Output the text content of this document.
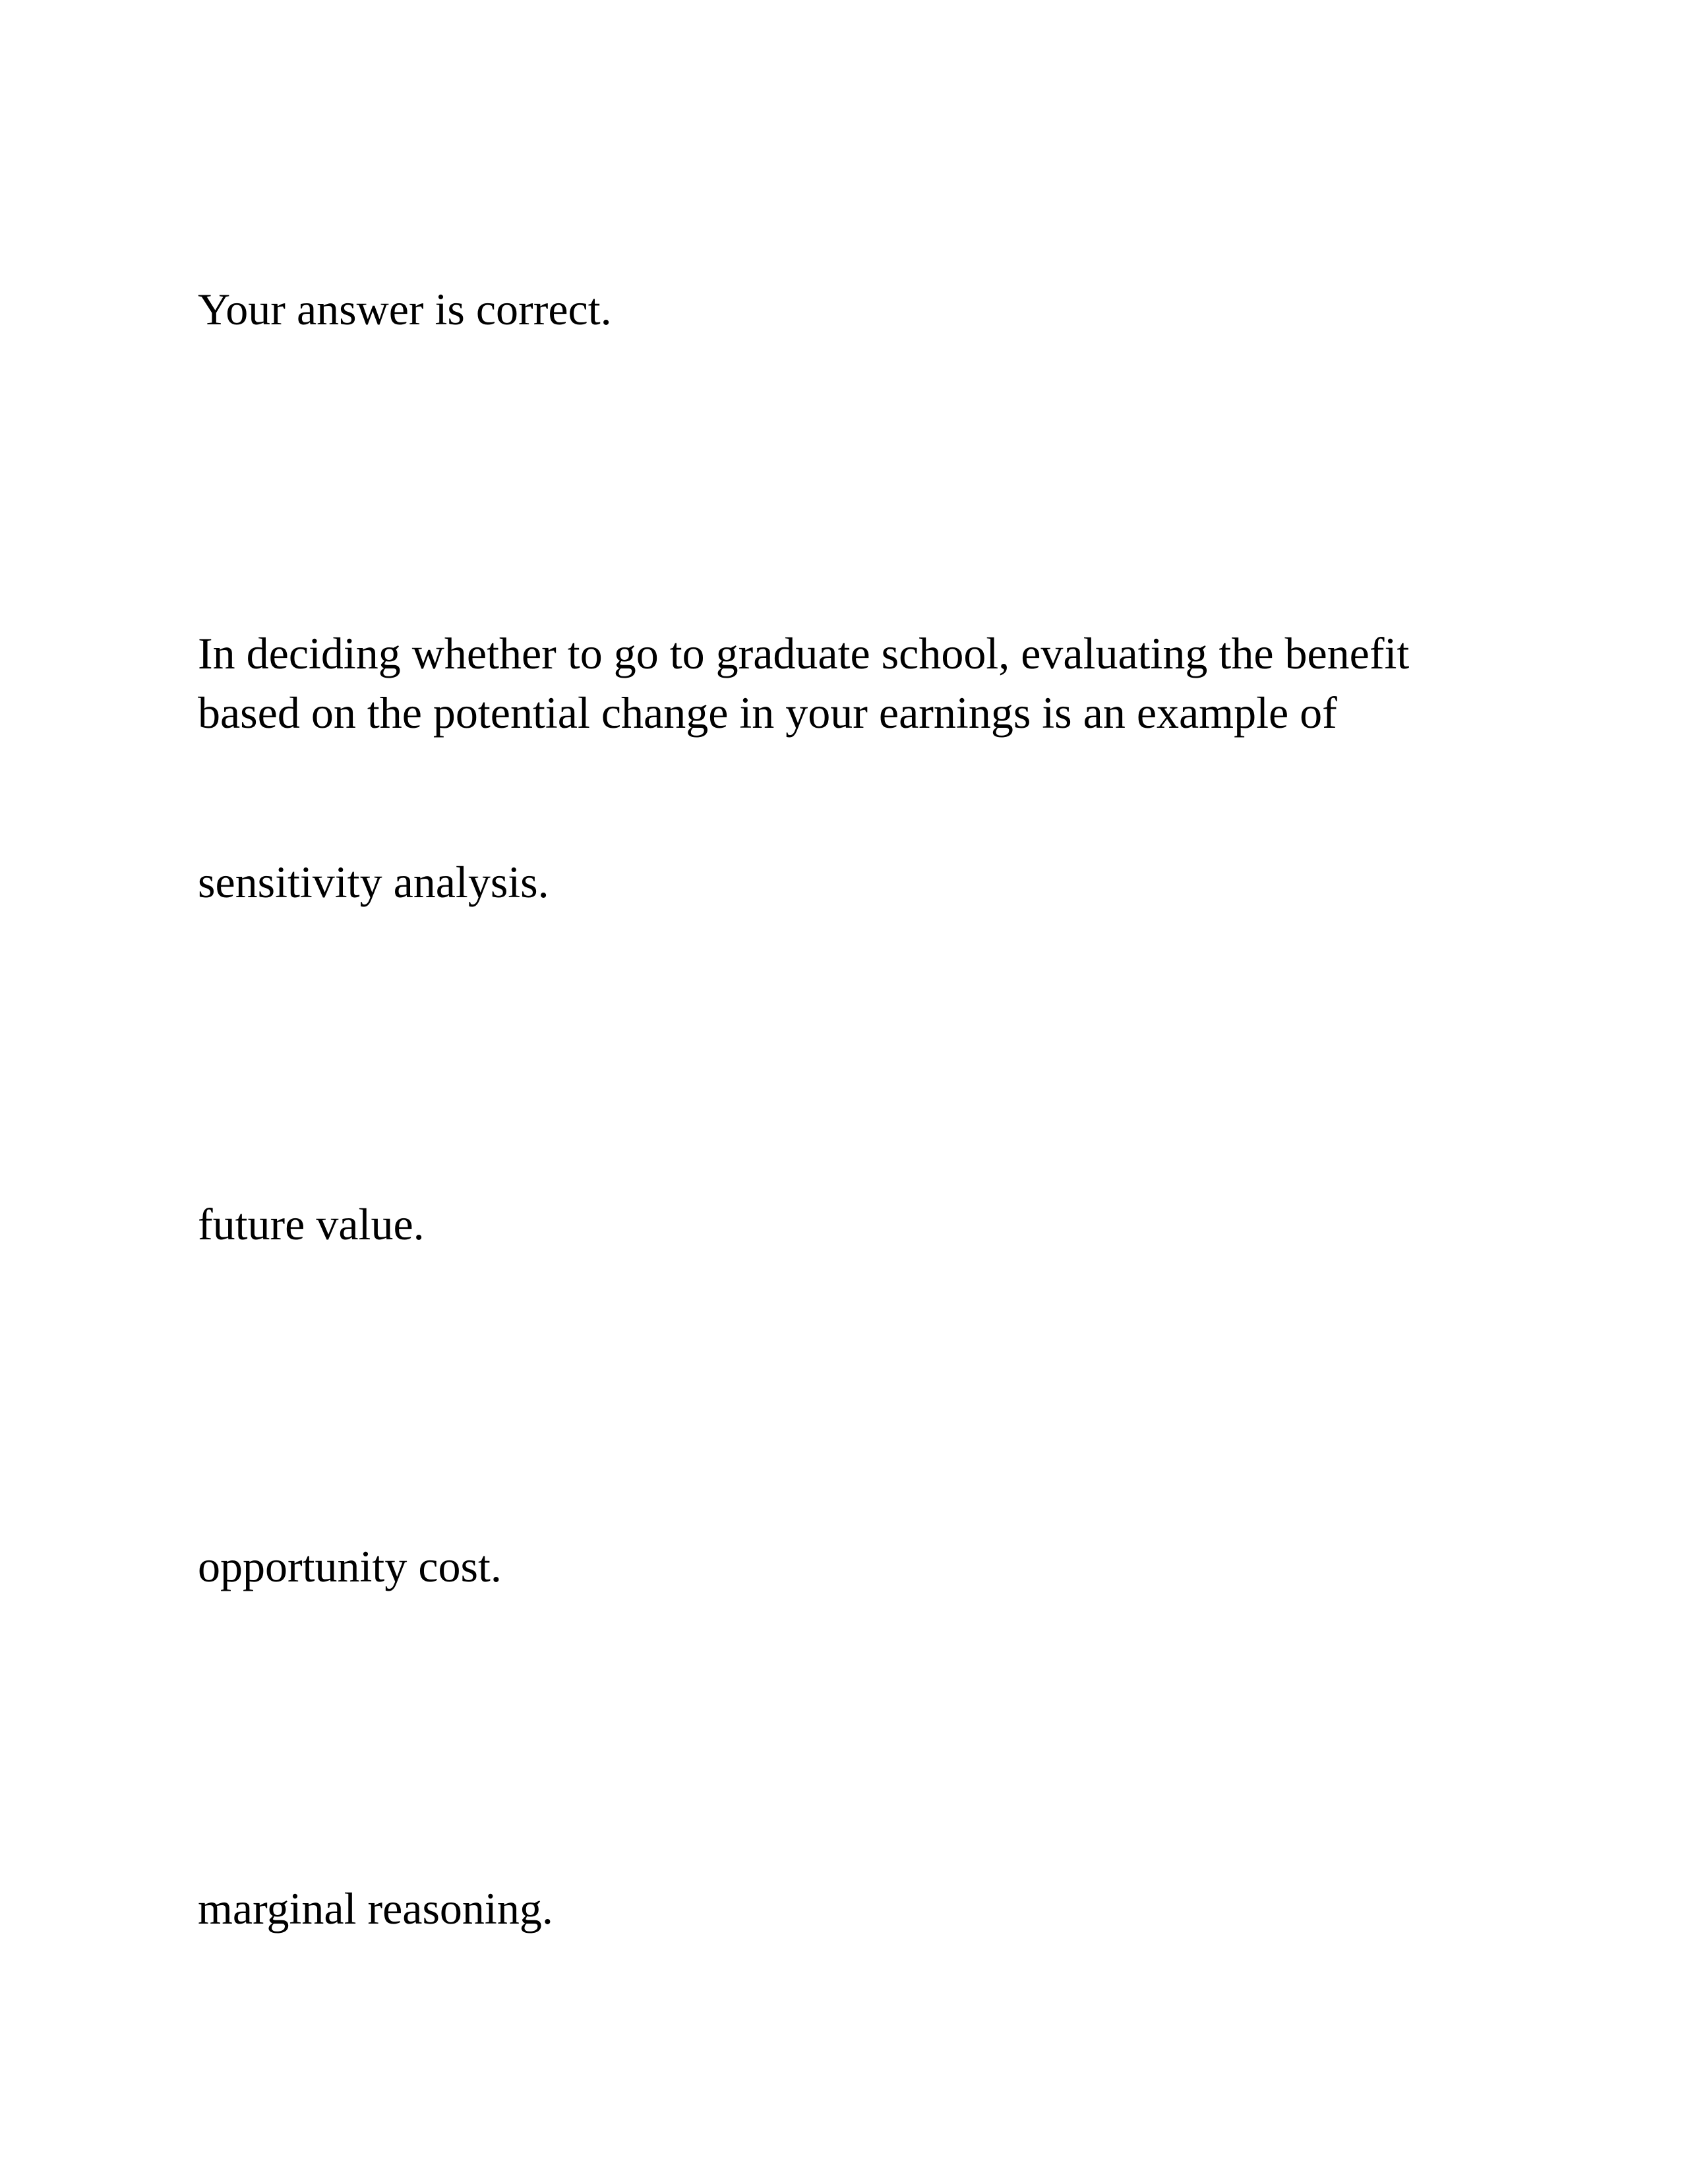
Your answer is correct.

In deciding whether to go to graduate school, evaluating the benefit
based on the potential change in your earnings is an example of

sensitivity analysis.

future value.

opportunity cost.

marginal reasoning.
